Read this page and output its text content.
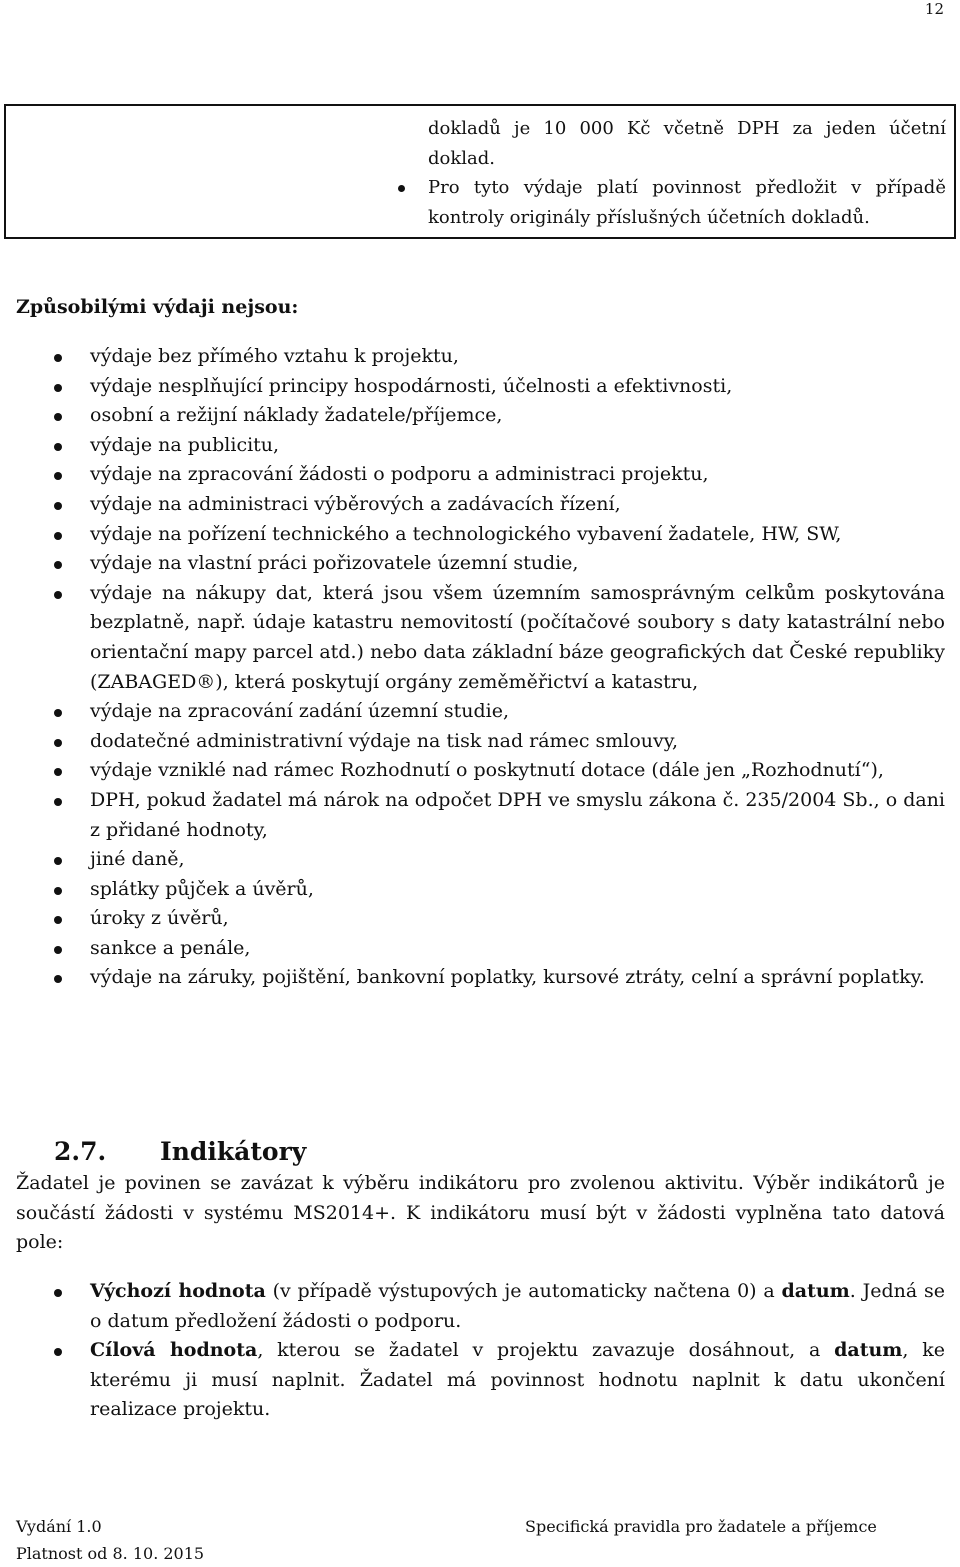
12

dokladů je 10 000 Kč včetně DPH za jeden účetní doklad.

Pro tyto výdaje platí povinnost předložit v případě kontroly originály příslušných účetních dokladů.

Způsobilými výdaji nejsou:
výdaje bez přímého vztahu k projektu,
výdaje nesplňující principy hospodárnosti, účelnosti a efektivnosti,
osobní a režijní náklady žadatele/příjemce,
výdaje na publicitu,
výdaje na zpracování žádosti o podporu a administraci projektu,
výdaje na administraci výběrových a zadávacích řízení,
výdaje na pořízení technického a technologického vybavení žadatele, HW, SW,
výdaje na vlastní práci pořizovatele územní studie,
výdaje na nákupy dat, která jsou všem územním samosprávným celkům poskytována bezplatně, např. údaje katastru nemovitostí (počítačové soubory s daty katastrální nebo orientační mapy parcel atd.) nebo data základní báze geografických dat České republiky (ZABAGED®), která poskytují orgány zeměměřictví a katastru,
výdaje na zpracování zadání územní studie,
dodatečné administrativní výdaje na tisk nad rámec smlouvy,
výdaje vzniklé nad rámec Rozhodnutí o poskytnutí dotace (dále jen „Rozhodnutí“),
DPH, pokud žadatel má nárok na odpočet DPH ve smyslu zákona č. 235/2004 Sb., o dani z přidané hodnoty,
jiné daně,
splátky půjček a úvěrů,
úroky z úvěrů,
sankce a penále,
výdaje na záruky, pojištění, bankovní poplatky, kursové ztráty, celní a správní poplatky.
2.7. Indikátory

Žadatel je povinen se zavázat k výběru indikátoru pro zvolenou aktivitu. Výběr indikátorů je součástí žádosti v systému MS2014+. K indikátoru musí být v žádosti vyplněna tato datová pole:

Výchozí hodnota (v případě výstupových je automaticky načtena 0) a datum. Jedná se o datum předložení žádosti o podporu.
Cílová hodnota, kterou se žadatel v projektu zavazuje dosáhnout, a datum, ke kterému ji musí naplnit. Žadatel má povinnost hodnotu naplnit k datu ukončení realizace projektu.
Vydání 1.0
Platnost od 8. 10. 2015
Specifická pravidla pro žadatele a příjemce
